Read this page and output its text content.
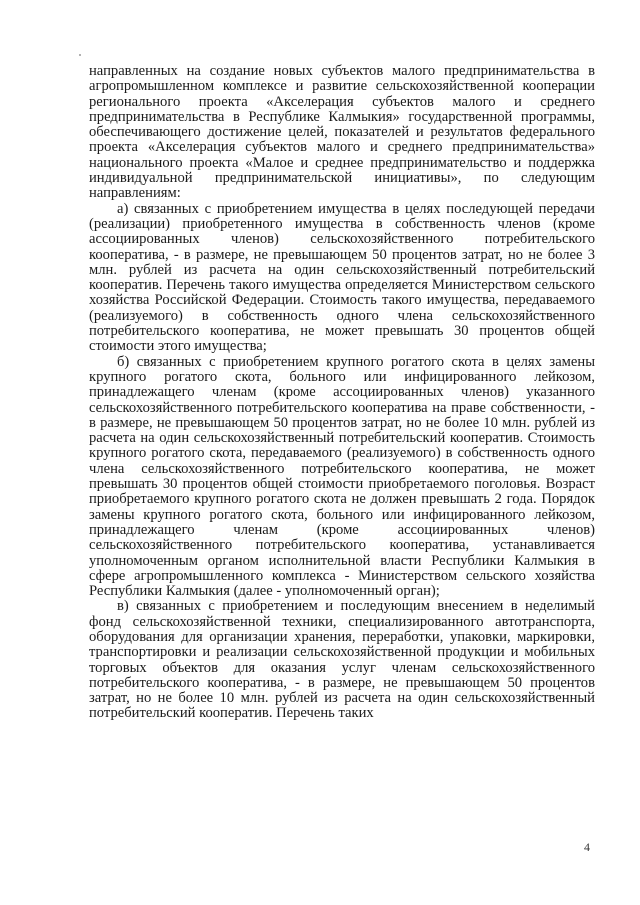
направленных на создание новых субъектов малого предпринимательства в агропромышленном комплексе и развитие сельскохозяйственной кооперации регионального проекта «Акселерация субъектов малого и среднего предпринимательства в Республике Калмыкия» государственной программы, обеспечивающего достижение целей, показателей и результатов федерального проекта «Акселерация субъектов малого и среднего предпринимательства» национального проекта «Малое и среднее предпринимательство и поддержка индивидуальной предпринимательской инициативы», по следующим направлениям:

а) связанных с приобретением имущества в целях последующей передачи (реализации) приобретенного имущества в собственность членов (кроме ассоциированных членов) сельскохозяйственного потребительского кооператива, - в размере, не превышающем 50 процентов затрат, но не более 3 млн. рублей из расчета на один сельскохозяйственный потребительский кооператив. Перечень такого имущества определяется Министерством сельского хозяйства Российской Федерации. Стоимость такого имущества, передаваемого (реализуемого) в собственность одного члена сельскохозяйственного потребительского кооператива, не может превышать 30 процентов общей стоимости этого имущества;

б) связанных с приобретением крупного рогатого скота в целях замены крупного рогатого скота, больного или инфицированного лейкозом, принадлежащего членам (кроме ассоциированных членов) указанного сельскохозяйственного потребительского кооператива на праве собственности, - в размере, не превышающем 50 процентов затрат, но не более 10 млн. рублей из расчета на один сельскохозяйственный потребительский кооператив. Стоимость крупного рогатого скота, передаваемого (реализуемого) в собственность одного члена сельскохозяйственного потребительского кооператива, не может превышать 30 процентов общей стоимости приобретаемого поголовья. Возраст приобретаемого крупного рогатого скота не должен превышать 2 года. Порядок замены крупного рогатого скота, больного или инфицированного лейкозом, принадлежащего членам (кроме ассоциированных членов) сельскохозяйственного потребительского кооператива, устанавливается уполномоченным органом исполнительной власти Республики Калмыкия в сфере агропромышленного комплекса - Министерством сельского хозяйства Республики Калмыкия (далее - уполномоченный орган);

в) связанных с приобретением и последующим внесением в неделимый фонд сельскохозяйственной техники, специализированного автотранспорта, оборудования для организации хранения, переработки, упаковки, маркировки, транспортировки и реализации сельскохозяйственной продукции и мобильных торговых объектов для оказания услуг членам сельскохозяйственного потребительского кооператива, - в размере, не превышающем 50 процентов затрат, но не более 10 млн. рублей из расчета на один сельскохозяйственный потребительский кооператив. Перечень таких

4
